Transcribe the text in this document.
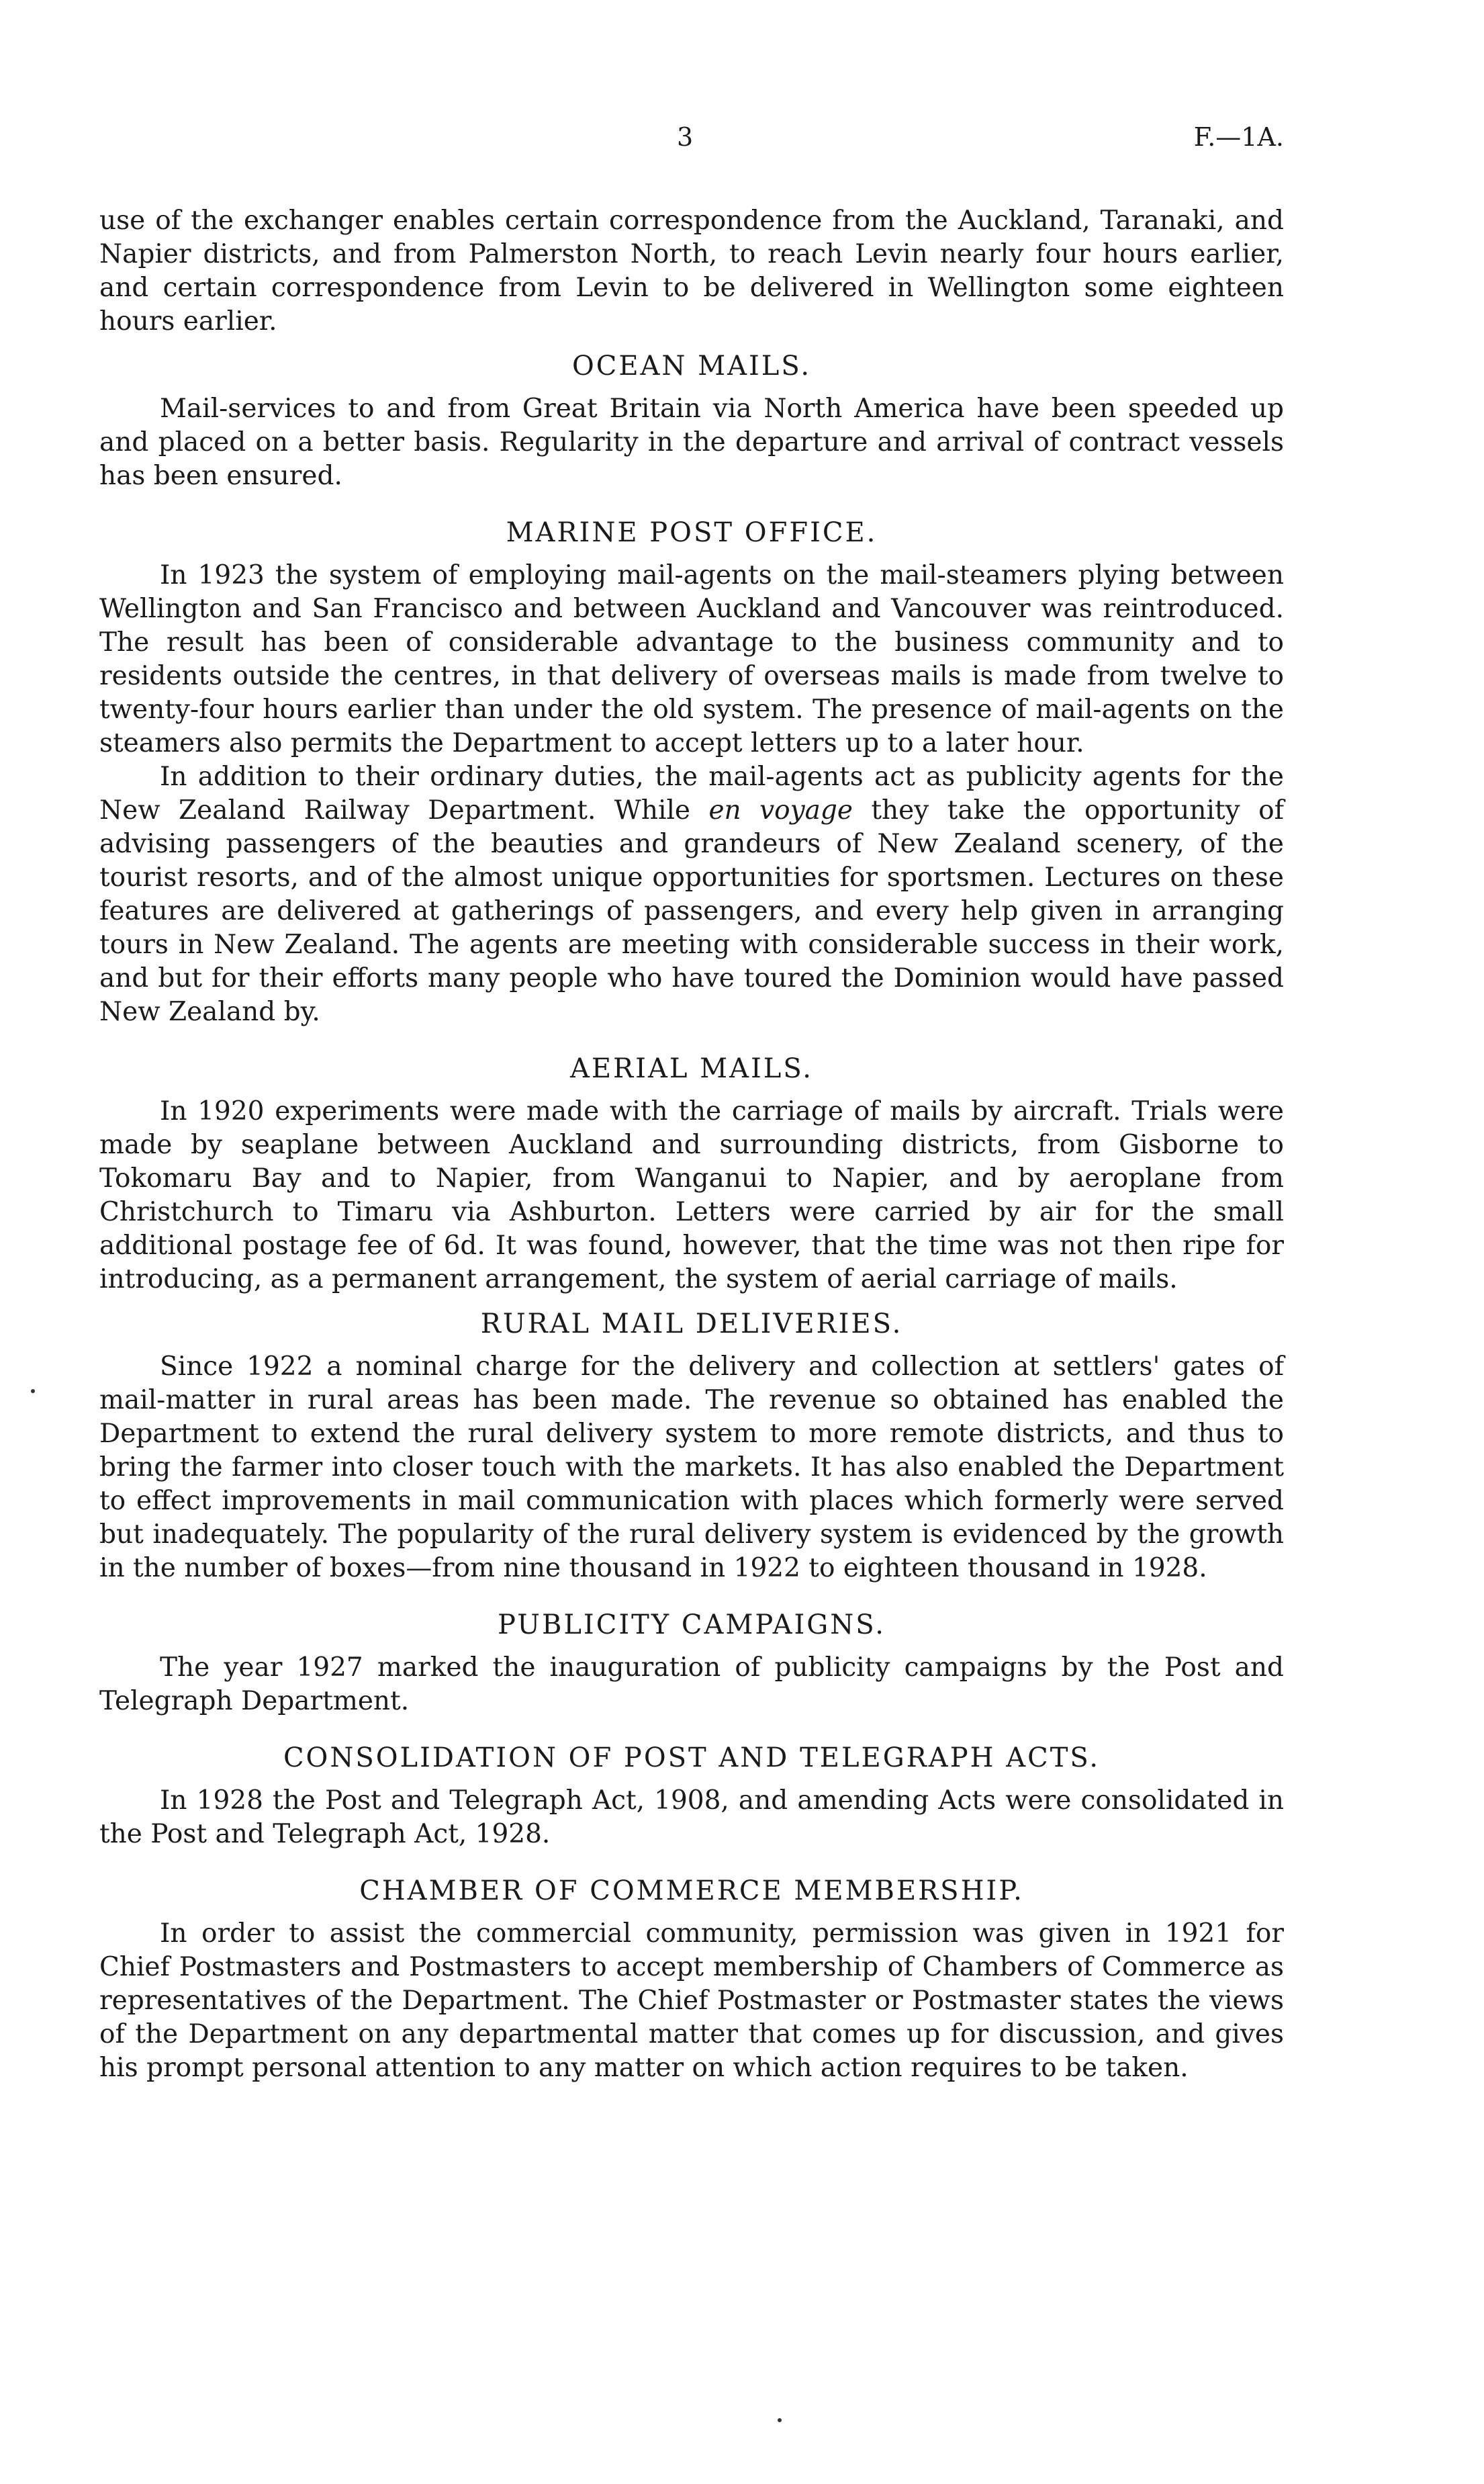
3	F.—1A.

use of the exchanger enables certain correspondence from the Auckland, Taranaki, and Napier districts, and from Palmerston North, to reach Levin nearly four hours earlier, and certain correspondence from Levin to be delivered in Wellington some eighteen hours earlier.

OCEAN MAILS.

Mail-services to and from Great Britain via North America have been speeded up and placed on a better basis. Regularity in the departure and arrival of contract vessels has been ensured.

MARINE POST OFFICE.

In 1923 the system of employing mail-agents on the mail-steamers plying between Wellington and San Francisco and between Auckland and Vancouver was reintroduced. The result has been of considerable advantage to the business community and to residents outside the centres, in that delivery of overseas mails is made from twelve to twenty-four hours earlier than under the old system. The presence of mail-agents on the steamers also permits the Department to accept letters up to a later hour.

In addition to their ordinary duties, the mail-agents act as publicity agents for the New Zealand Railway Department. While en voyage they take the opportunity of advising passengers of the beauties and grandeurs of New Zealand scenery, of the tourist resorts, and of the almost unique opportunities for sportsmen. Lectures on these features are delivered at gatherings of passengers, and every help given in arranging tours in New Zealand. The agents are meeting with considerable success in their work, and but for their efforts many people who have toured the Dominion would have passed New Zealand by.

AERIAL MAILS.

In 1920 experiments were made with the carriage of mails by aircraft. Trials were made by seaplane between Auckland and surrounding districts, from Gisborne to Tokomaru Bay and to Napier, from Wanganui to Napier, and by aeroplane from Christchurch to Timaru via Ashburton. Letters were carried by air for the small additional postage fee of 6d. It was found, however, that the time was not then ripe for introducing, as a permanent arrangement, the system of aerial carriage of mails.

RURAL MAIL DELIVERIES.

Since 1922 a nominal charge for the delivery and collection at settlers' gates of mail-matter in rural areas has been made. The revenue so obtained has enabled the Department to extend the rural delivery system to more remote districts, and thus to bring the farmer into closer touch with the markets. It has also enabled the Department to effect improvements in mail communication with places which formerly were served but inadequately. The popularity of the rural delivery system is evidenced by the growth in the number of boxes—from nine thousand in 1922 to eighteen thousand in 1928.

PUBLICITY CAMPAIGNS.

The year 1927 marked the inauguration of publicity campaigns by the Post and Telegraph Department.

CONSOLIDATION OF POST AND TELEGRAPH ACTS.

In 1928 the Post and Telegraph Act, 1908, and amending Acts were consolidated in the Post and Telegraph Act, 1928.

CHAMBER OF COMMERCE MEMBERSHIP.

In order to assist the commercial community, permission was given in 1921 for Chief Postmasters and Postmasters to accept membership of Chambers of Commerce as representatives of the Department. The Chief Postmaster or Postmaster states the views of the Department on any departmental matter that comes up for discussion, and gives his prompt personal attention to any matter on which action requires to be taken.
